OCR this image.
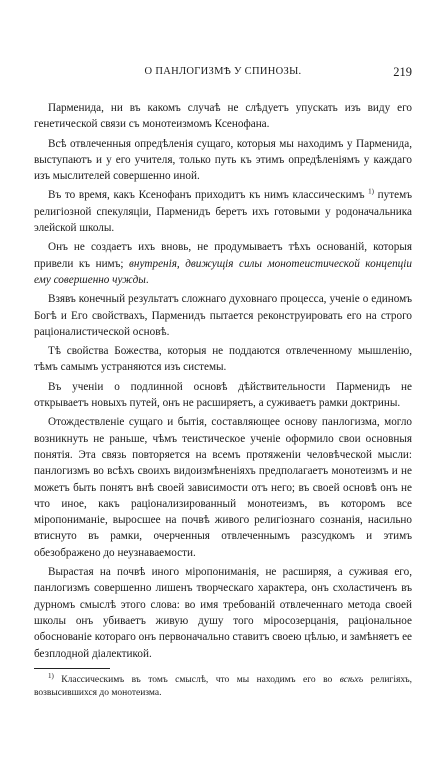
О ПАНЛОГИЗМѢ У СПИНОЗЫ.	219

Парменида, ни въ какомъ случаѣ не слѣдуетъ упускать изъ виду его генетической связи съ монотеизмомъ Ксенофана.

Всѣ отвлеченныя опредѣленія сущаго, которыя мы находимъ у Парменида, выступаютъ и у его учителя, только путь къ этимъ опредѣленіямъ у каждаго изъ мыслителей совершенно иной.

Въ то время, какъ Ксенофанъ приходитъ къ нимъ классическимъ $^{1)}$ путемъ религіозной спекуляціи, Парменидъ беретъ ихъ готовыми у родоначальника элейской школы.

Онъ не создаетъ ихъ вновь, не продумываетъ тѣхъ основаній, которыя привели къ нимъ; внутренія, движущія силы монотеистической концепціи ему совершенно чужды.

Взявъ конечный результатъ сложнаго духовнаго процесса, ученіе о единомъ Богѣ и Его свойствахъ, Парменидъ пытается реконструировать его на строго раціоналистической основѣ.

Тѣ свойства Божества, которыя не поддаются отвлеченному мышленію, тѣмъ самымъ устраняются изъ системы.

Въ ученіи о подлинной основѣ дѣйствительности Парменидъ не открываетъ новыхъ путей, онъ не расширяетъ, а суживаетъ рамки доктрины.

Отождествленіе сущаго и бытія, составляющее основу панлогизма, могло возникнуть не раньше, чѣмъ теистическое ученіе оформило свои основныя понятія. Эта связь повторяется на всемъ протяженіи человѣческой мысли: панлогизмъ во всѣхъ своихъ видоизмѣненіяхъ предполагаетъ монотеизмъ и не можетъ быть понятъ внѣ своей зависимости отъ него; въ своей основѣ онъ не что иное, какъ раціонализированный монотеизмъ, въ которомъ все міропониманіе, выросшее на почвѣ живого религіознаго сознанія, насильно втиснуто въ рамки, очерченныя отвлеченнымъ разсудкомъ и этимъ обезображено до неузнаваемости.

Вырастая на почвѣ иного міропониманія, не расширяя, а суживая его, панлогизмъ совершенно лишенъ творческаго характера, онъ схоластиченъ въ дурномъ смыслѣ этого слова: во имя требованій отвлеченнаго метода своей школы онъ убиваетъ живую душу того міросозерцанія, раціональное обоснованіе котораго онъ первоначально ставитъ своею цѣлью, и замѣняетъ ее безплодной діалектикой.

$^{1)}$ Классическимъ въ томъ смыслѣ, что мы находимъ его во всѣхъ религіяхъ, возвысившихся до монотеизма.
